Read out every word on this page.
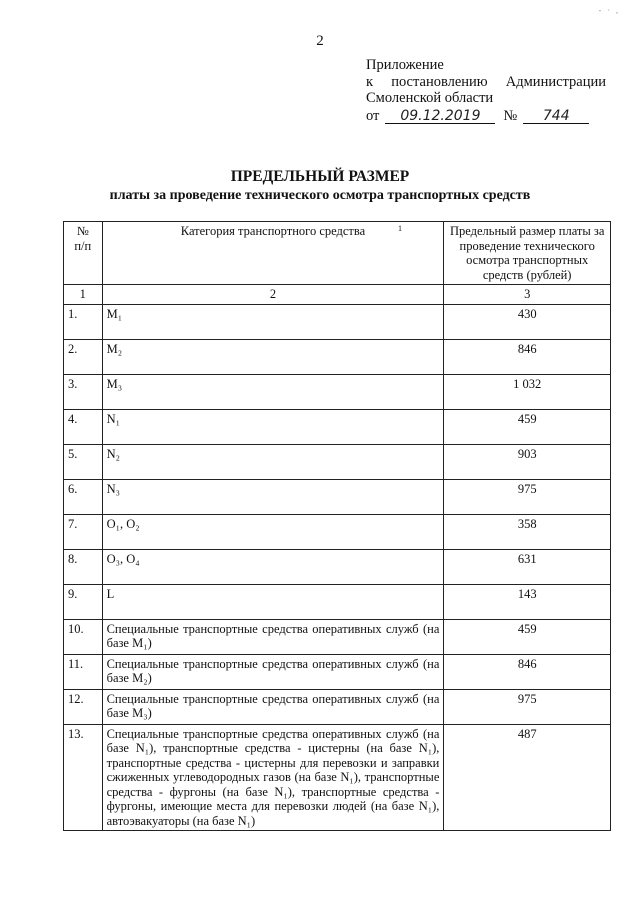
- · ,
2
Приложение
к постановлению Администрации
Смоленской области
от	09.12.2019	№	744
ПРЕДЕЛЬНЫЙ РАЗМЕР
платы за проведение технического осмотра транспортных средств
1
№
п/п	Категория транспортного средства	Предельный размер платы за проведение технического осмотра транспортных средств (рублей)
1	2	3
1.	M₁	430
2.	M₂	846
3.	M₃	1 032
4.	N₁	459
5.	N₂	903
6.	N₃	975
7.	O₁, O₂	358
8.	O₃, O₄	631
9.	L	143
10.	Специальные транспортные средства оперативных служб (на базе M₁)	459
11.	Специальные транспортные средства оперативных служб (на базе M₂)	846
12.	Специальные транспортные средства оперативных служб (на базе M₃)	975
13.	Специальные транспортные средства оперативных служб (на базе N₁), транспортные средства - цистерны (на базе N₁), транспортные средства - цистерны для перевозки и заправки сжиженных углеводородных газов (на базе N₁), транспортные средства - фургоны (на базе N₁), транспортные средства - фургоны, имеющие места для перевозки людей (на базе N₁), автоэвакуаторы (на базе N₁)	487
